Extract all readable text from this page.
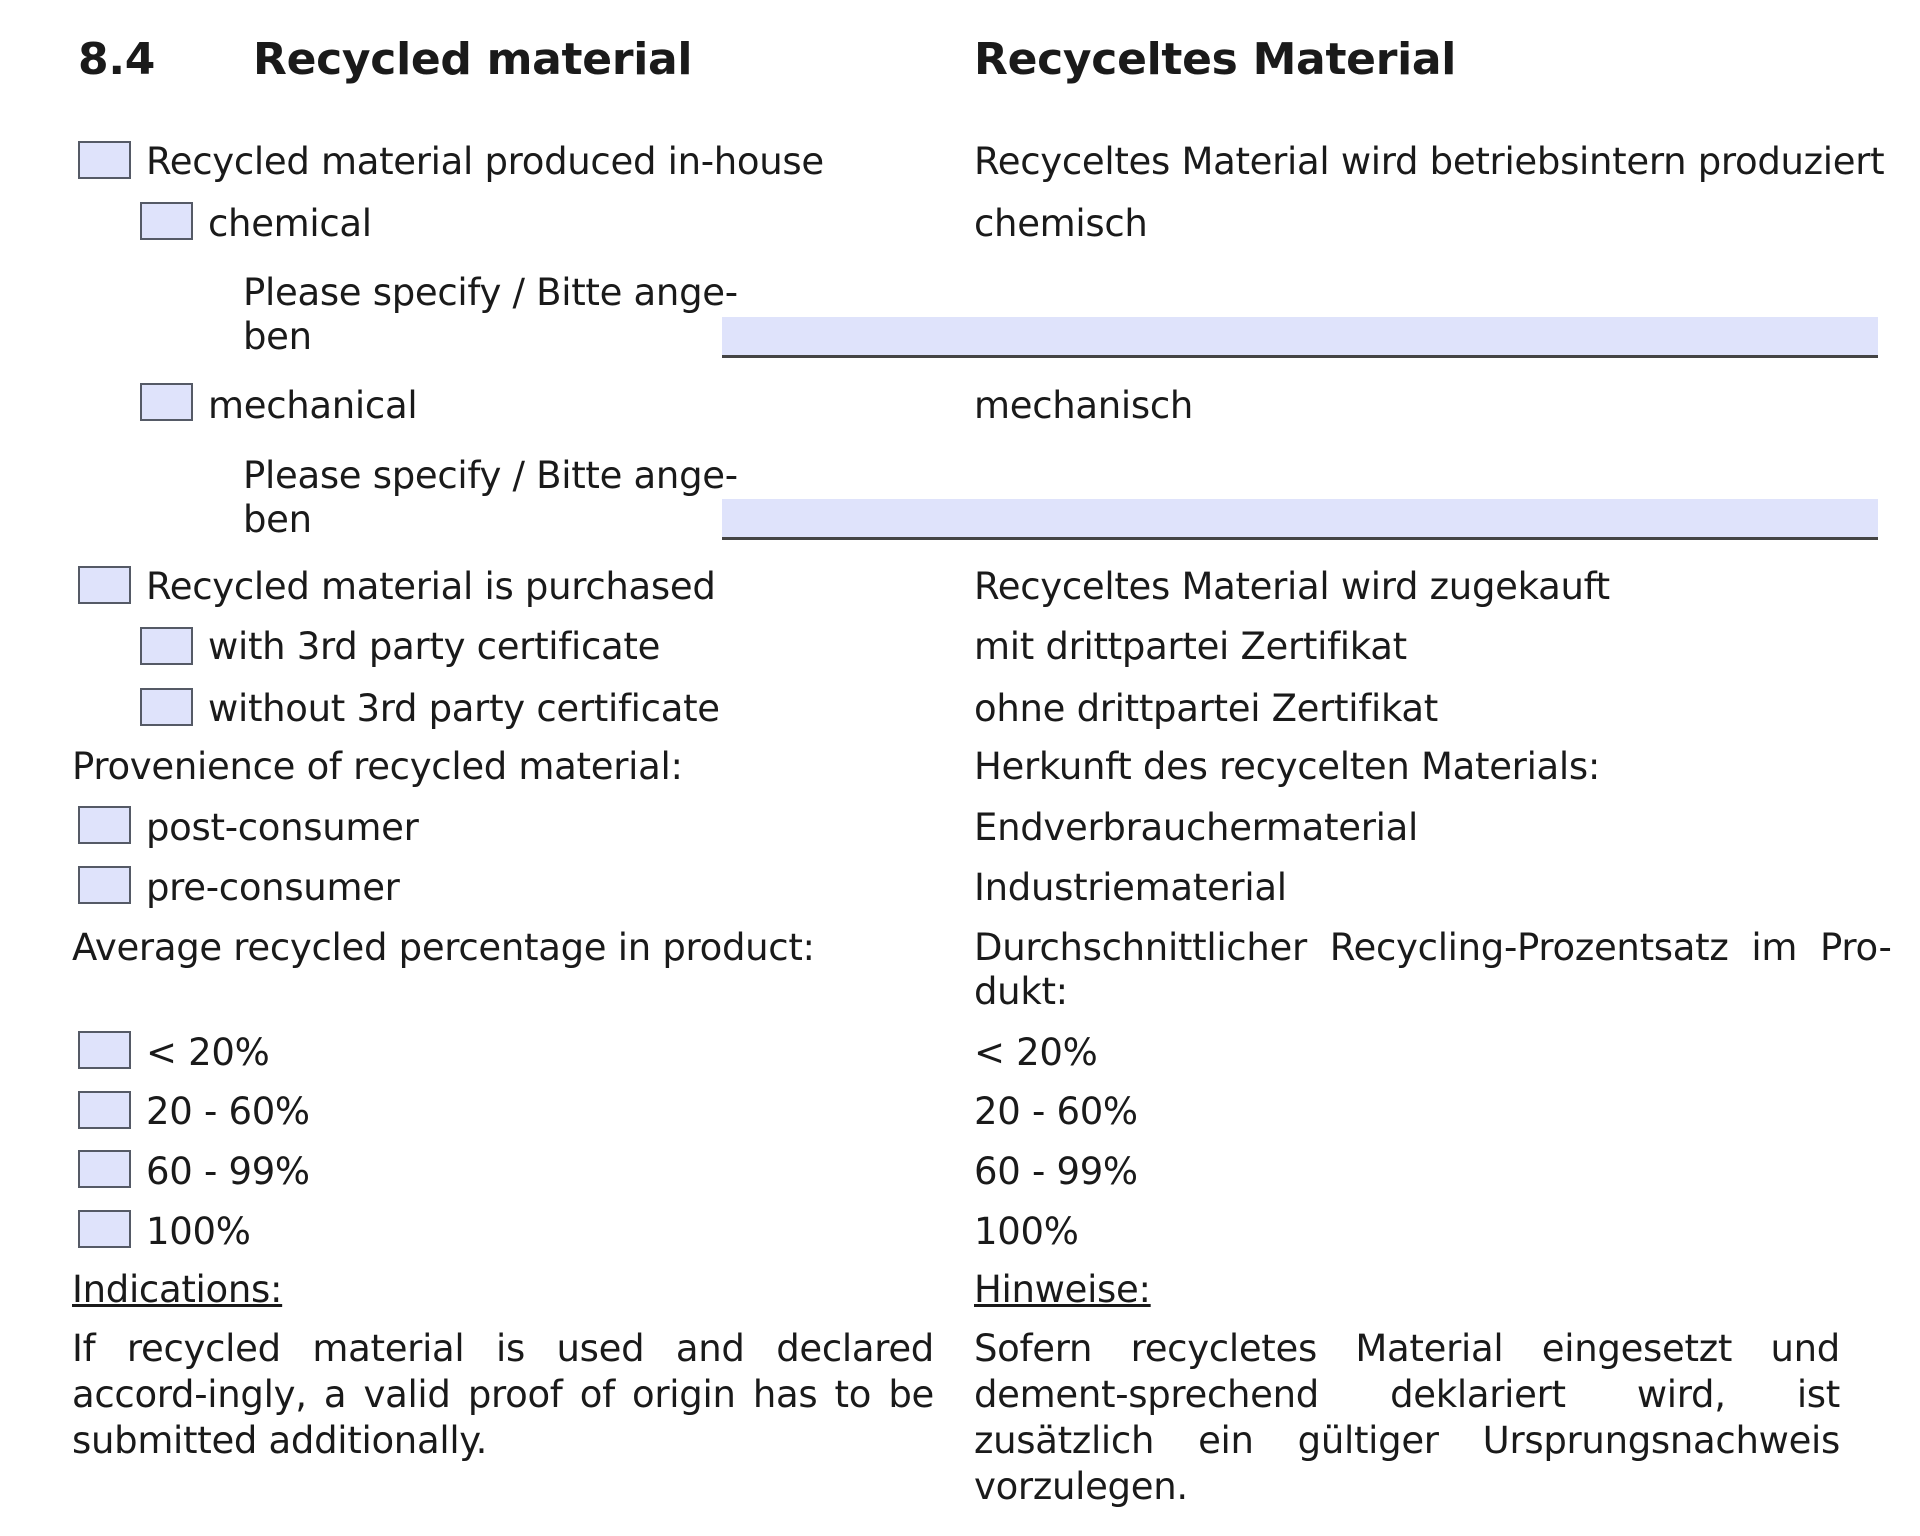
8.4 Recycled material	Recyceltes Material
Recycled material produced in-house	Recyceltes Material wird betriebsintern produziert
chemical	chemisch
Please specify / Bitte ange-
ben
mechanical	mechanisch
Please specify / Bitte ange-
ben
Recycled material is purchased	Recyceltes Material wird zugekauft
with 3rd party certificate	mit drittpartei Zertifikat
without 3rd party certificate	ohne drittpartei Zertifikat
Provenience of recycled material:	Herkunft des recycelten Materials:
post-consumer	Endverbrauchermaterial
pre-consumer	Industriematerial
Average recycled percentage in product:	Durchschnittlicher  Recycling-Prozentsatz  im  Pro-
dukt:
< 20%	< 20%
20 - 60%	20 - 60%
60 - 99%	60 - 99%
100%	100%
Indications:	Hinweise:
If recycled material is used and declared accord-ingly, a valid proof of origin has to be submitted additionally.
Sofern recycletes Material eingesetzt und dement-sprechend deklariert wird, ist zusätzlich ein gültiger Ursprungsnachweis vorzulegen.
